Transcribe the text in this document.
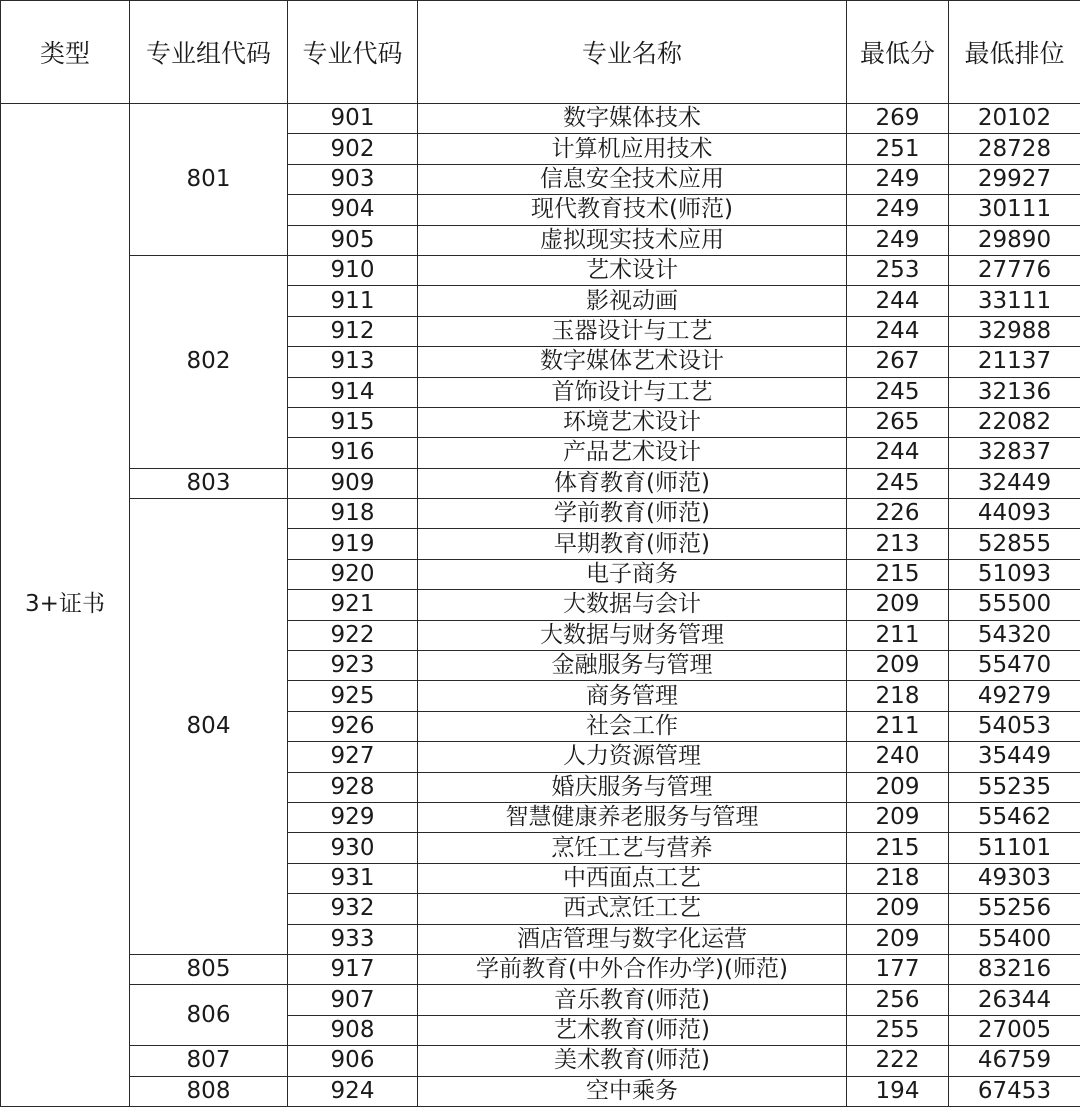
类型	专业组代码	专业代码	专业名称	最低分	最低排位
3+证书	801	901	数字媒体技术	269	20102
		902	计算机应用技术	251	28728
		903	信息安全技术应用	249	29927
		904	现代教育技术(师范)	249	30111
		905	虚拟现实技术应用	249	29890
	802	910	艺术设计	253	27776
		911	影视动画	244	33111
		912	玉器设计与工艺	244	32988
		913	数字媒体艺术设计	267	21137
		914	首饰设计与工艺	245	32136
		915	环境艺术设计	265	22082
		916	产品艺术设计	244	32837
	803	909	体育教育(师范)	245	32449
	804	918	学前教育(师范)	226	44093
		919	早期教育(师范)	213	52855
		920	电子商务	215	51093
		921	大数据与会计	209	55500
		922	大数据与财务管理	211	54320
		923	金融服务与管理	209	55470
		925	商务管理	218	49279
		926	社会工作	211	54053
		927	人力资源管理	240	35449
		928	婚庆服务与管理	209	55235
		929	智慧健康养老服务与管理	209	55462
		930	烹饪工艺与营养	215	51101
		931	中西面点工艺	218	49303
		932	西式烹饪工艺	209	55256
		933	酒店管理与数字化运营	209	55400
	805	917	学前教育(中外合作办学)(师范)	177	83216
	806	907	音乐教育(师范)	256	26344
		908	艺术教育(师范)	255	27005
	807	906	美术教育(师范)	222	46759
	808	924	空中乘务	194	67453
